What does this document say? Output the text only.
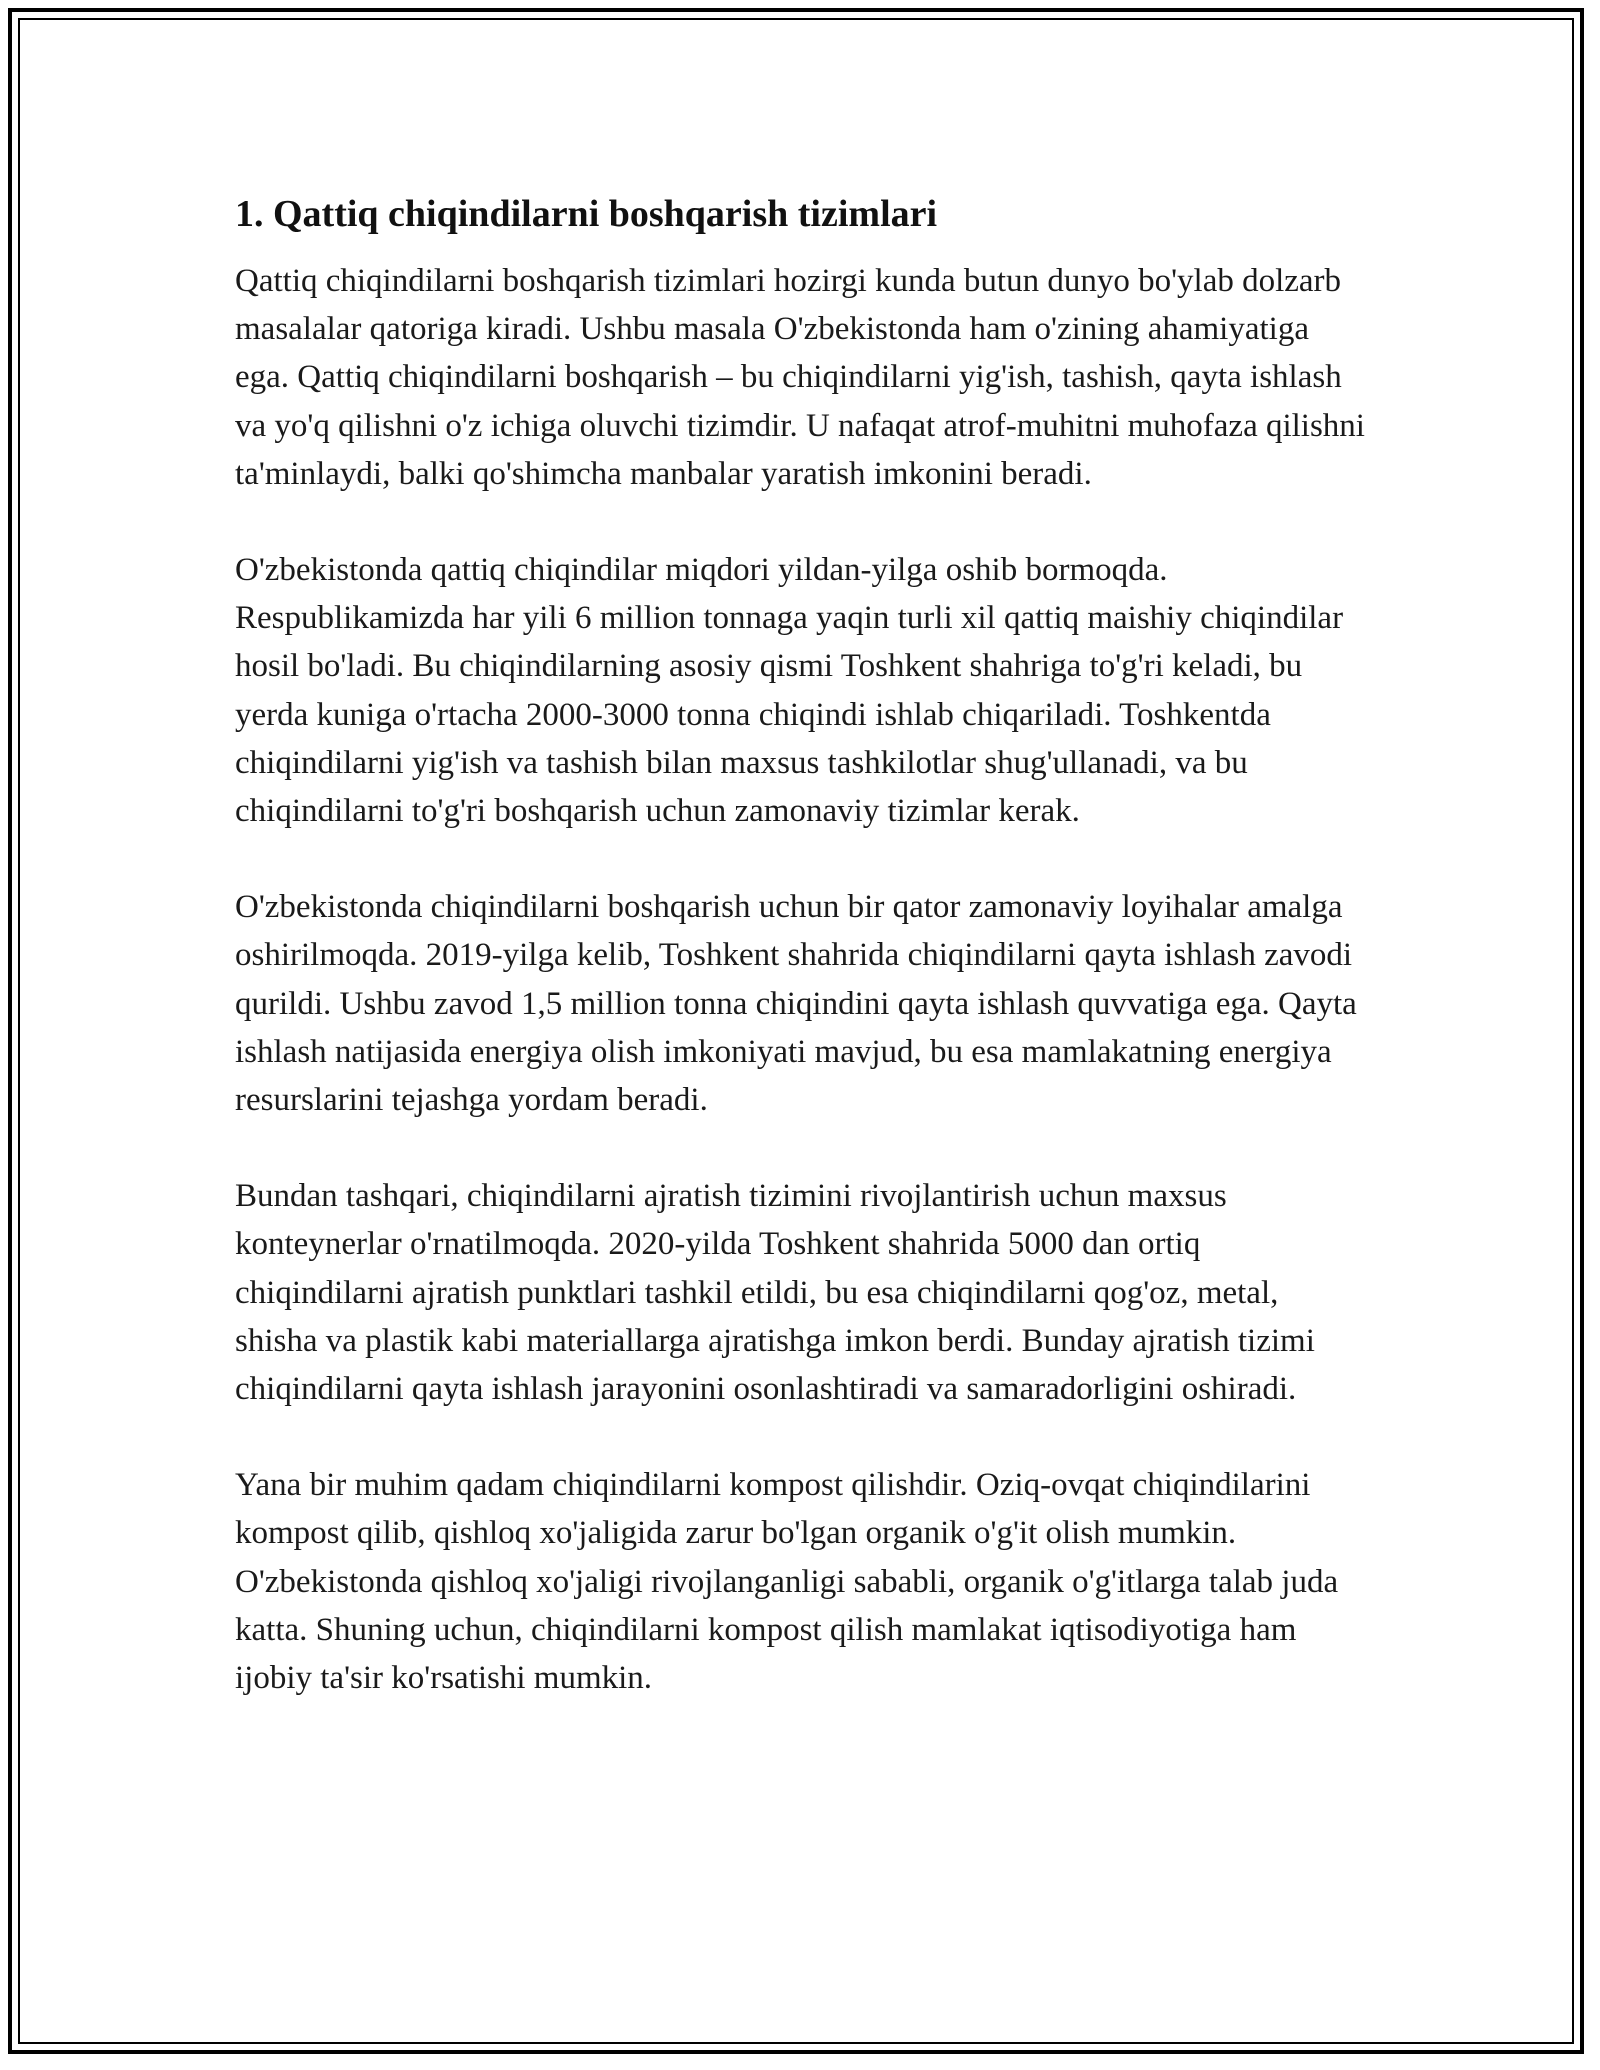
1. Qattiq chiqindilarni boshqarish tizimlari

Qattiq chiqindilarni boshqarish tizimlari hozirgi kunda butun dunyo bo'ylab dolzarb masalalar qatoriga kiradi. Ushbu masala O'zbekistonda ham o'zining ahamiyatiga ega. Qattiq chiqindilarni boshqarish – bu chiqindilarni yig'ish, tashish, qayta ishlash va yo'q qilishni o'z ichiga oluvchi tizimdir. U nafaqat atrof-muhitni muhofaza qilishni ta'minlaydi, balki qo'shimcha manbalar yaratish imkonini beradi.

O'zbekistonda qattiq chiqindilar miqdori yildan-yilga oshib bormoqda. Respublikamizda har yili 6 million tonnaga yaqin turli xil qattiq maishiy chiqindilar hosil bo'ladi. Bu chiqindilarning asosiy qismi Toshkent shahriga to'g'ri keladi, bu yerda kuniga o'rtacha 2000-3000 tonna chiqindi ishlab chiqariladi. Toshkentda chiqindilarni yig'ish va tashish bilan maxsus tashkilotlar shug'ullanadi, va bu chiqindilarni to'g'ri boshqarish uchun zamonaviy tizimlar kerak.

O'zbekistonda chiqindilarni boshqarish uchun bir qator zamonaviy loyihalar amalga oshirilmoqda. 2019-yilga kelib, Toshkent shahrida chiqindilarni qayta ishlash zavodi qurildi. Ushbu zavod 1,5 million tonna chiqindini qayta ishlash quvvatiga ega. Qayta ishlash natijasida energiya olish imkoniyati mavjud, bu esa mamlakatning energiya resurslarini tejashga yordam beradi.

Bundan tashqari, chiqindilarni ajratish tizimini rivojlantirish uchun maxsus konteynerlar o'rnatilmoqda. 2020-yilda Toshkent shahrida 5000 dan ortiq chiqindilarni ajratish punktlari tashkil etildi, bu esa chiqindilarni qog'oz, metal, shisha va plastik kabi materiallarga ajratishga imkon berdi. Bunday ajratish tizimi chiqindilarni qayta ishlash jarayonini osonlashtiradi va samaradorligini oshiradi.

Yana bir muhim qadam chiqindilarni kompost qilishdir. Oziq-ovqat chiqindilarini kompost qilib, qishloq xo'jaligida zarur bo'lgan organik o'g'it olish mumkin. O'zbekistonda qishloq xo'jaligi rivojlanganligi sababli, organik o'g'itlarga talab juda katta. Shuning uchun, chiqindilarni kompost qilish mamlakat iqtisodiyotiga ham ijobiy ta'sir ko'rsatishi mumkin.
